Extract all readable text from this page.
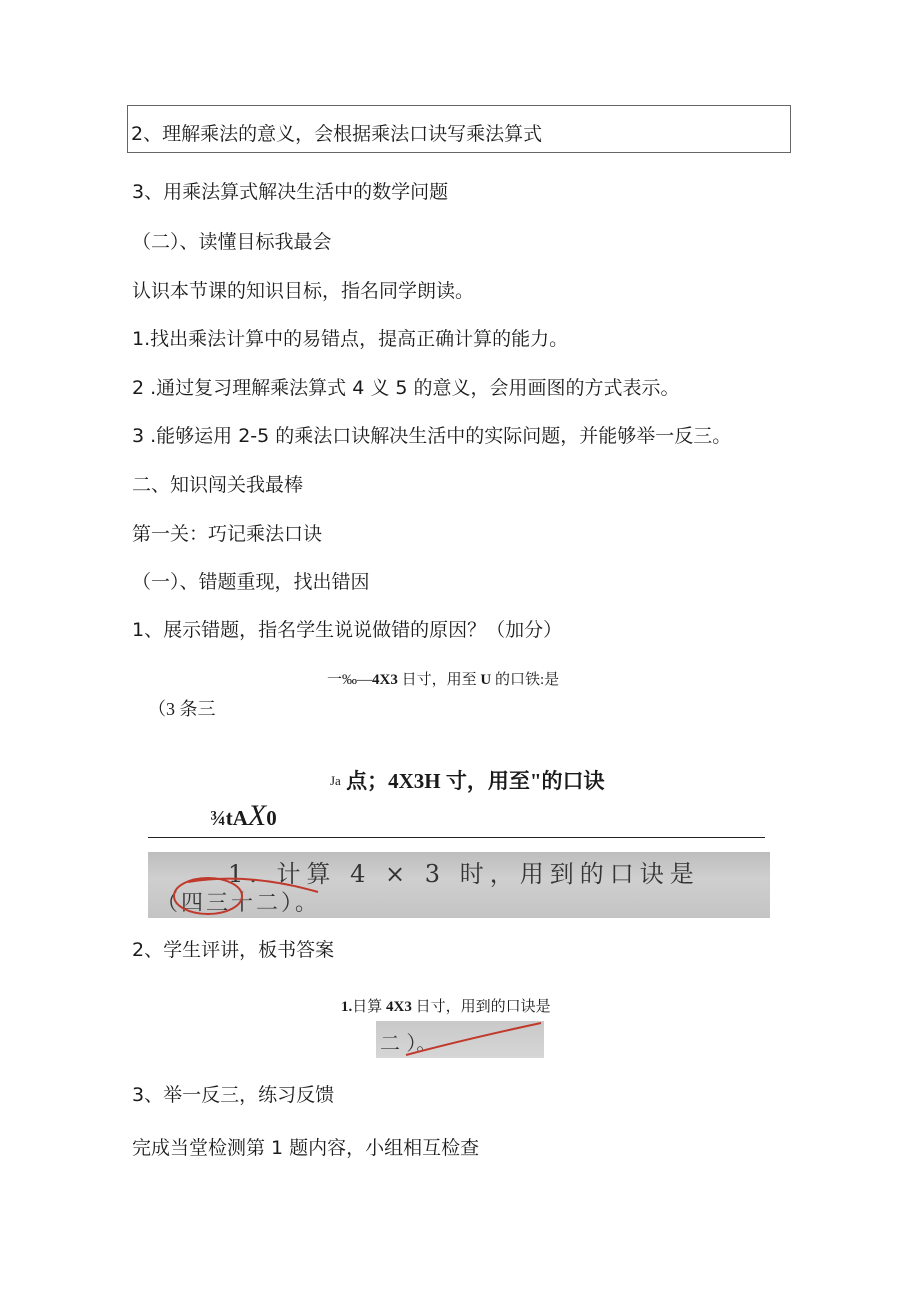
2、理解乘法的意义，会根据乘法口诀写乘法算式
3、用乘法算式解决生活中的数学问题
（二）、读懂目标我最会
认识本节课的知识目标，指名同学朗读。
1.找出乘法计算中的易错点，提高正确计算的能力。
2 .通过复习理解乘法算式 4 义 5 的意义，会用画图的方式表示。
3 .能够运用 2-5 的乘法口诀解决生活中的实际问题，并能够举一反三。
二、知识闯关我最棒
第一关：巧记乘法口诀
（一）、错题重现，找出错因
1、展示错题，指名学生说说做错的原因？（加分）
一‰—4X3 日寸，用至 U 的口铁:是
（3 条三
$^{Ja}$ 点；4X3H 寸，用至"的口诀
¾tAX0
1. 计算 4 × 3 时，用到的口诀是
（四三十二）。
2、学生评讲，板书答案
1.日算 4X3 日寸，用到的口诀是
二 ）。
3、举一反三，练习反馈
完成当堂检测第 1 题内容，小组相互检查
